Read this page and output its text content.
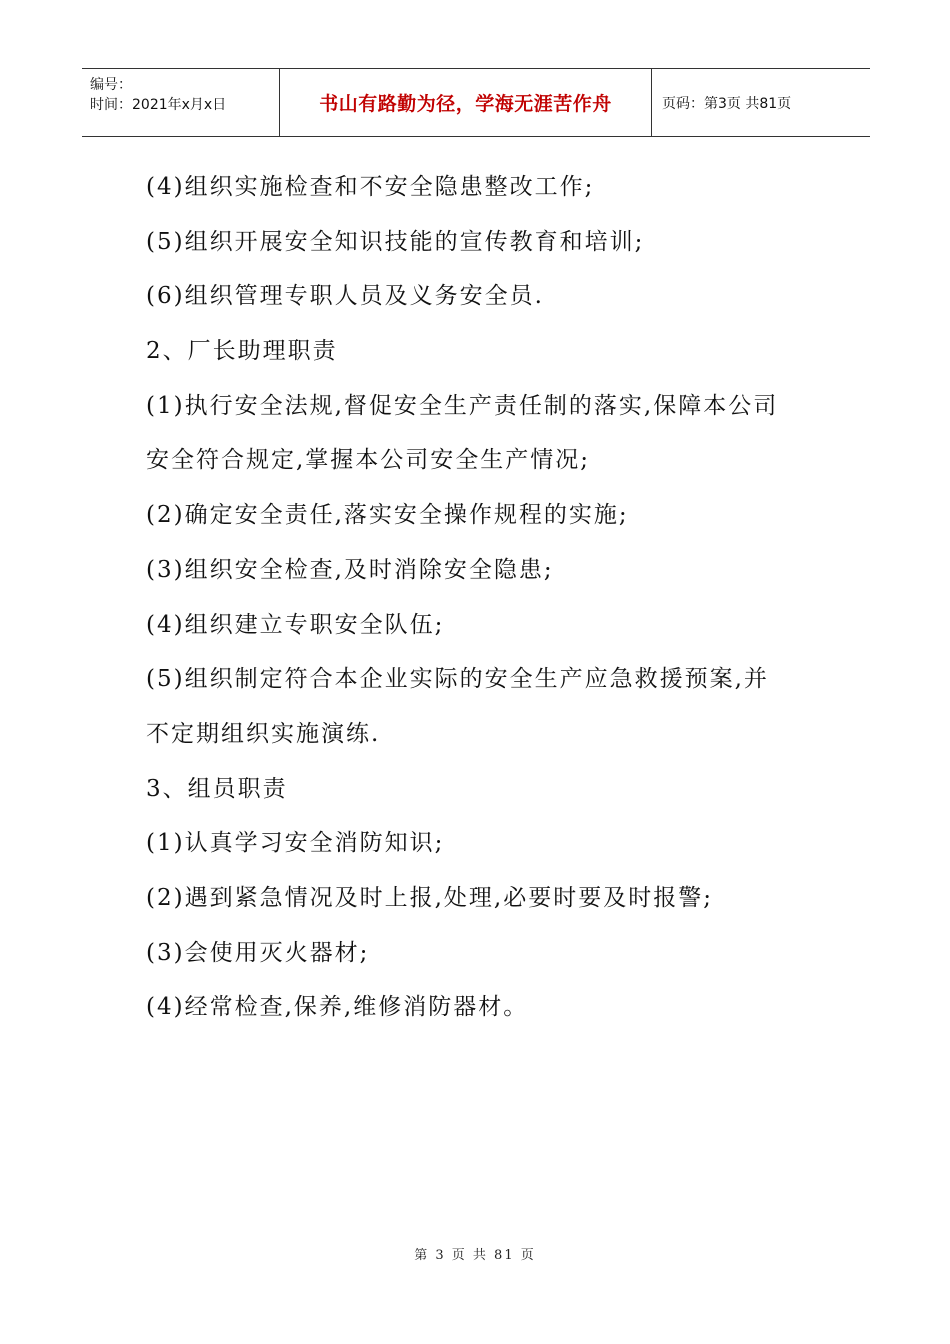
编号：
时间：2021年x月x日	书山有路勤为径，学海无涯苦作舟	页码：第3页 共81页
(4)组织实施检查和不安全隐患整改工作;
(5)组织开展安全知识技能的宣传教育和培训;
(6)组织管理专职人员及义务安全员.
2、厂长助理职责
(1)执行安全法规,督促安全生产责任制的落实,保障本公司
安全符合规定,掌握本公司安全生产情况;
(2)确定安全责任,落实安全操作规程的实施;
(3)组织安全检查,及时消除安全隐患;
(4)组织建立专职安全队伍;
(5)组织制定符合本企业实际的安全生产应急救援预案,并
不定期组织实施演练.
3、组员职责
(1)认真学习安全消防知识;
(2)遇到紧急情况及时上报,处理,必要时要及时报警;
(3)会使用灭火器材;
(4)经常检查,保养,维修消防器材。
第 3 页 共 81 页
